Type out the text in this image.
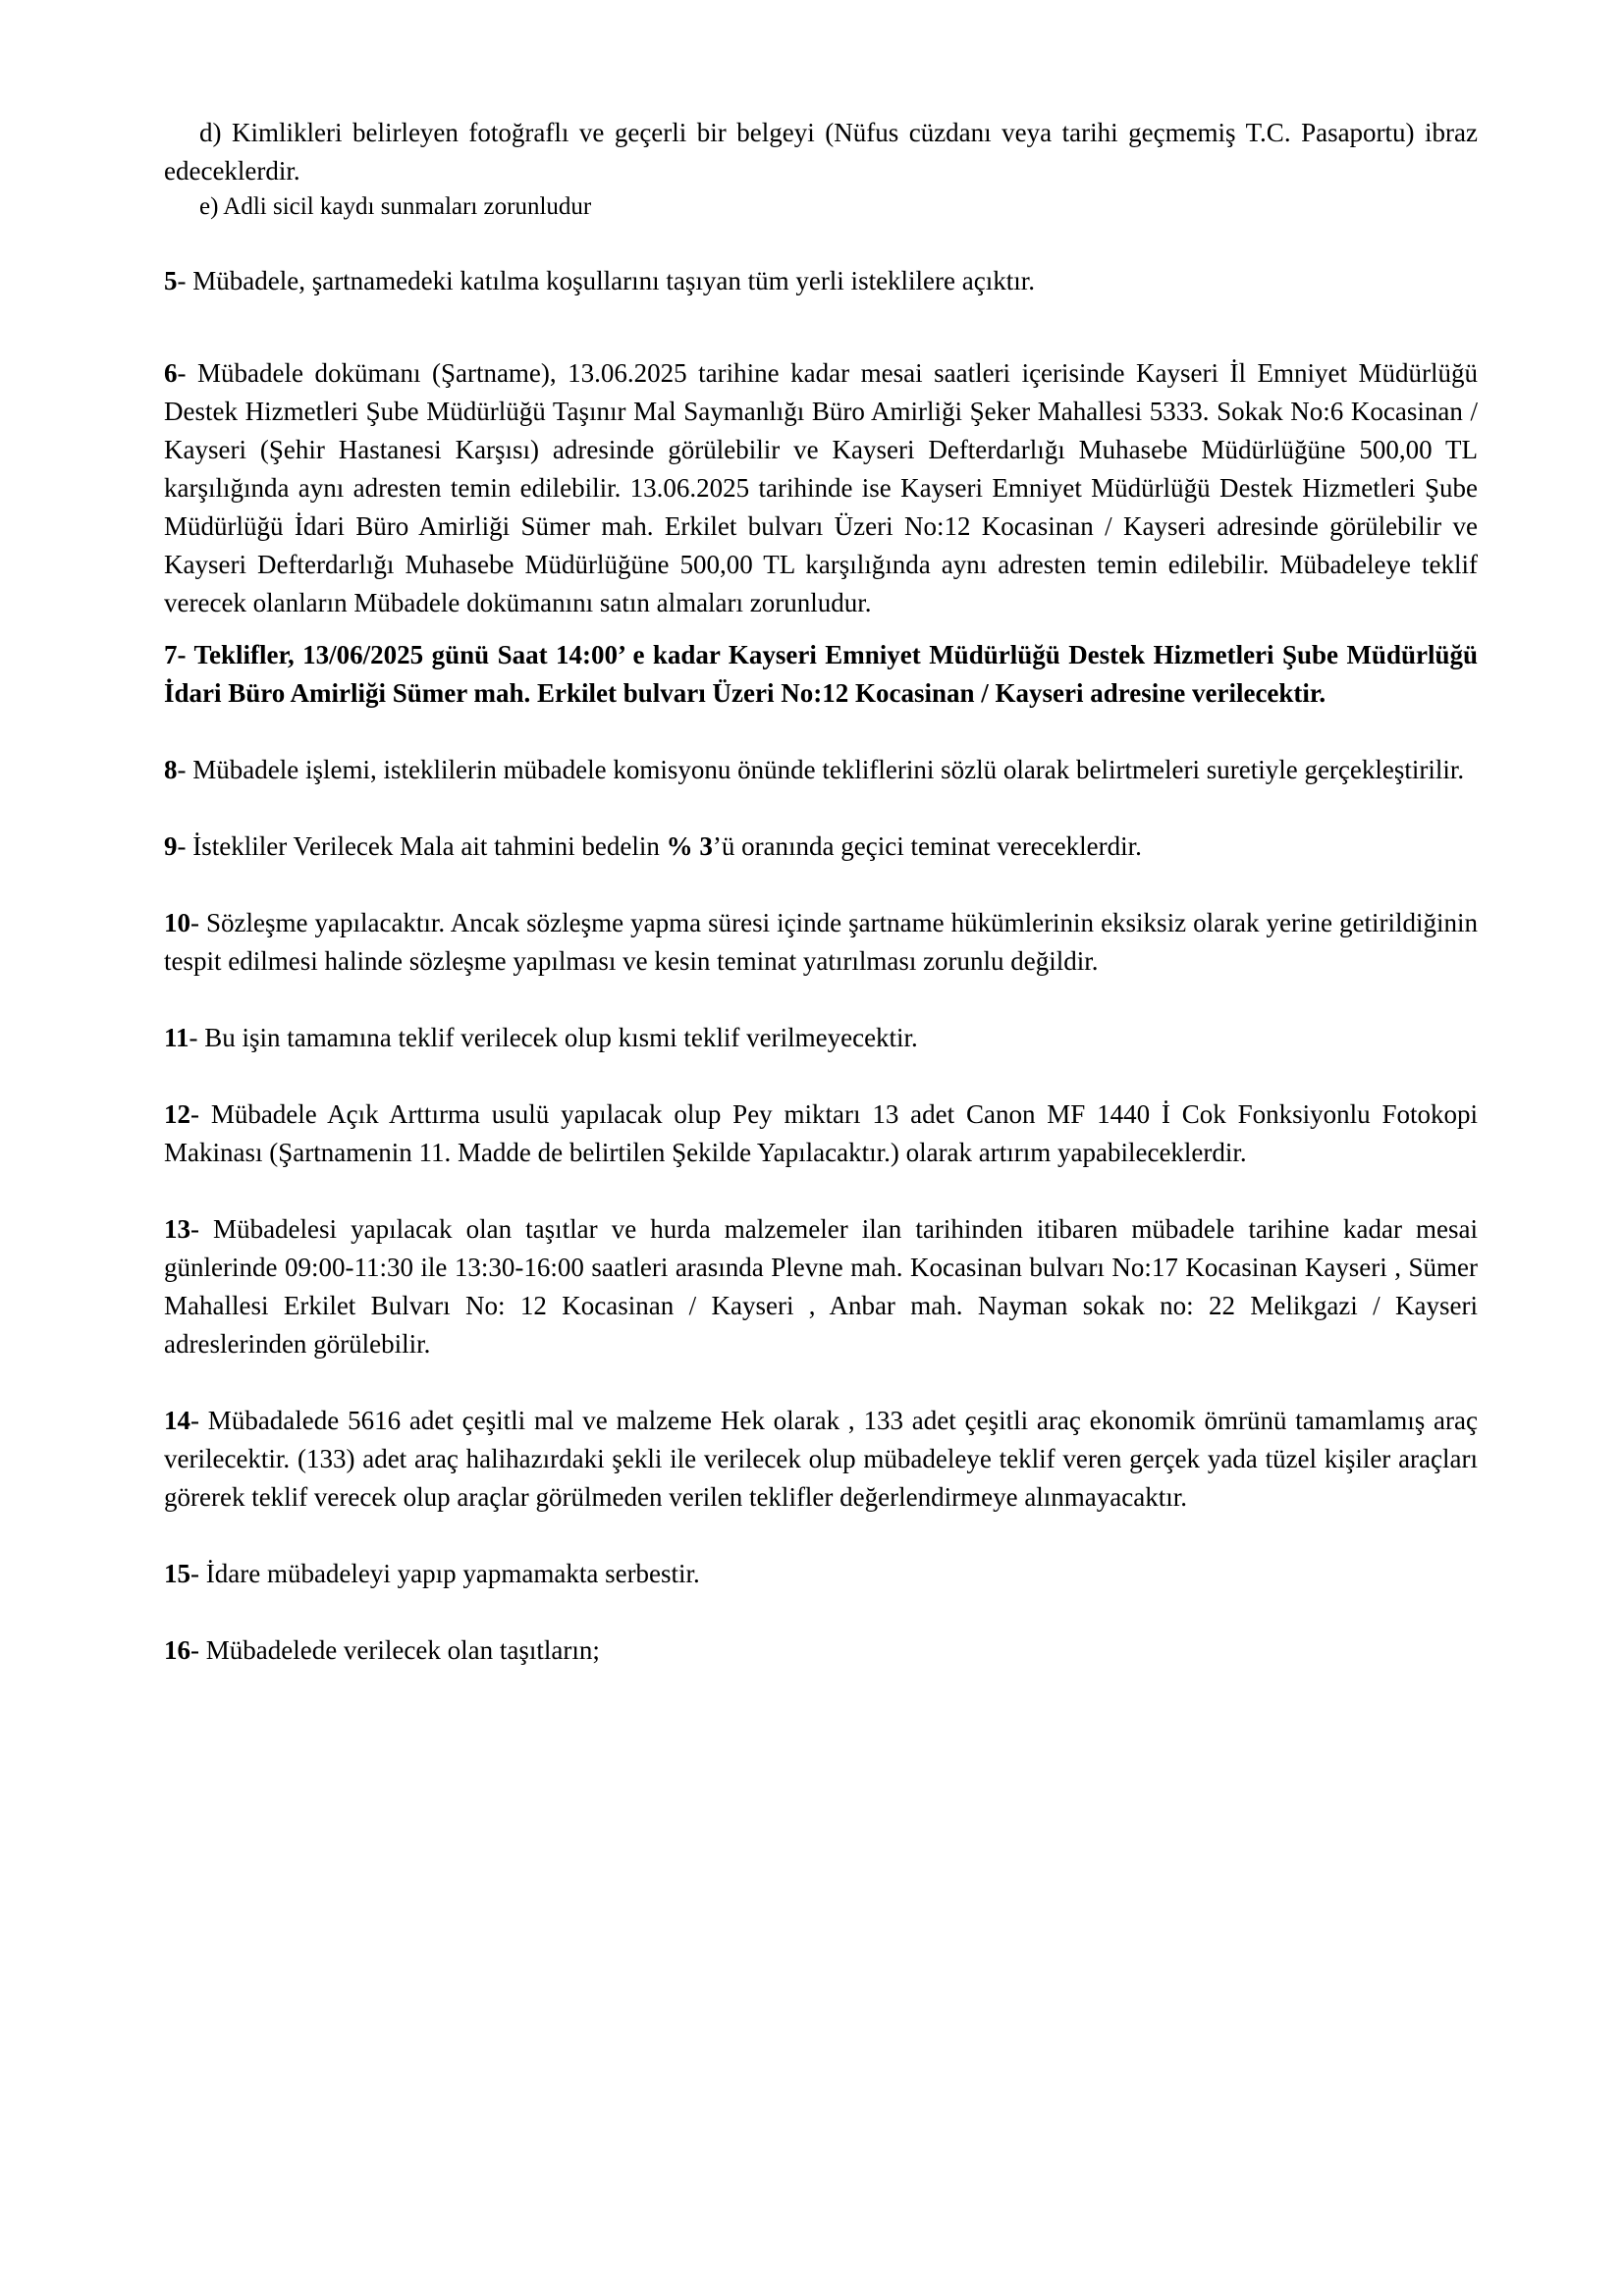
d) Kimlikleri belirleyen fotoğraflı ve geçerli bir belgeyi (Nüfus cüzdanı veya tarihi geçmemiş T.C. Pasaportu) ibraz edeceklerdir.

e) Adli sicil kaydı sunmaları zorunludur

5- Mübadele, şartnamedeki katılma koşullarını taşıyan tüm yerli isteklilere açıktır.

6- Mübadele dokümanı (Şartname), 13.06.2025 tarihine kadar mesai saatleri içerisinde Kayseri İl Emniyet Müdürlüğü Destek Hizmetleri Şube Müdürlüğü Taşınır Mal Saymanlığı Büro Amirliği Şeker Mahallesi 5333. Sokak No:6 Kocasinan / Kayseri (Şehir Hastanesi Karşısı) adresinde görülebilir ve Kayseri Defterdarlığı Muhasebe Müdürlüğüne 500,00 TL karşılığında aynı adresten temin edilebilir. 13.06.2025 tarihinde ise Kayseri Emniyet Müdürlüğü Destek Hizmetleri Şube Müdürlüğü İdari Büro Amirliği Sümer mah. Erkilet bulvarı Üzeri No:12 Kocasinan / Kayseri adresinde görülebilir ve Kayseri Defterdarlığı Muhasebe Müdürlüğüne 500,00 TL karşılığında aynı adresten temin edilebilir. Mübadeleye teklif verecek olanların Mübadele dokümanını satın almaları zorunludur.

7- Teklifler, 13/06/2025 günü Saat 14:00’ e kadar Kayseri Emniyet Müdürlüğü Destek Hizmetleri Şube Müdürlüğü İdari Büro Amirliği Sümer mah. Erkilet bulvarı Üzeri No:12 Kocasinan / Kayseri adresine verilecektir.

8- Mübadele işlemi, isteklilerin mübadele komisyonu önünde tekliflerini sözlü olarak belirtmeleri suretiyle gerçekleştirilir.

9- İstekliler Verilecek Mala ait tahmini bedelin % 3’ü oranında geçici teminat vereceklerdir.

10- Sözleşme yapılacaktır. Ancak sözleşme yapma süresi içinde şartname hükümlerinin eksiksiz olarak yerine getirildiğinin tespit edilmesi halinde sözleşme yapılması ve kesin teminat yatırılması zorunlu değildir.

11- Bu işin tamamına teklif verilecek olup kısmi teklif verilmeyecektir.

12- Mübadele Açık Arttırma usulü yapılacak olup Pey miktarı 13 adet Canon MF 1440 İ Cok Fonksiyonlu Fotokopi Makinası (Şartnamenin 11. Madde de belirtilen Şekilde Yapılacaktır.) olarak artırım yapabileceklerdir.

13- Mübadelesi yapılacak olan taşıtlar ve hurda malzemeler ilan tarihinden itibaren mübadele tarihine kadar mesai günlerinde 09:00-11:30 ile 13:30-16:00 saatleri arasında Plevne mah. Kocasinan bulvarı No:17 Kocasinan Kayseri , Sümer Mahallesi Erkilet Bulvarı No: 12 Kocasinan / Kayseri , Anbar mah. Nayman sokak no: 22 Melikgazi / Kayseri adreslerinden görülebilir.

14- Mübadalede 5616 adet çeşitli mal ve malzeme Hek olarak , 133 adet çeşitli araç ekonomik ömrünü tamamlamış araç verilecektir. (133) adet araç halihazırdaki şekli ile verilecek olup mübadeleye teklif veren gerçek yada tüzel kişiler araçları görerek teklif verecek olup araçlar görülmeden verilen teklifler değerlendirmeye alınmayacaktır.

15- İdare mübadeleyi yapıp yapmamakta serbestir.

16- Mübadelede verilecek olan taşıtların;
